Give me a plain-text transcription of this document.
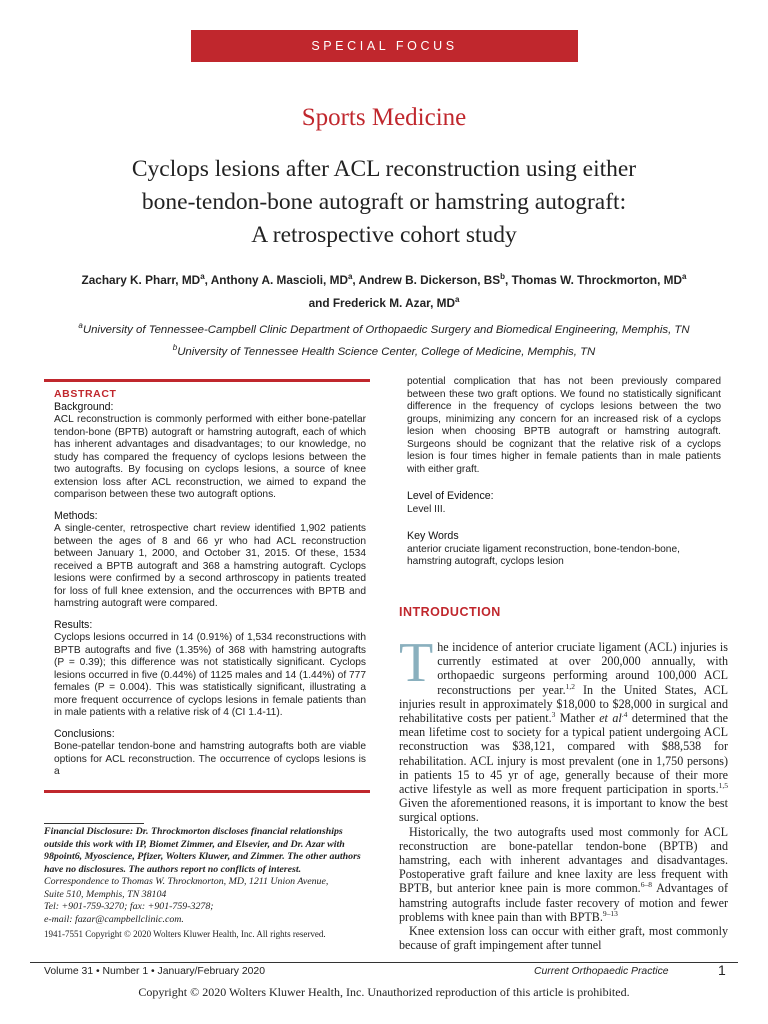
SPECIAL FOCUS
Sports Medicine
Cyclops lesions after ACL reconstruction using either
bone-tendon-bone autograft or hamstring autograft:
A retrospective cohort study
Zachary K. Pharr, $MD^a$, Anthony A. Mascioli, $MD^a$, Andrew B. Dickerson, $BS^b$, Thomas W. Throckmorton, $MD^a$
and Frederick M. Azar, $MD^a$
$^a$University of Tennessee-Campbell Clinic Department of Orthopaedic Surgery and Biomedical Engineering, Memphis, TN
$^b$University of Tennessee Health Science Center, College of Medicine, Memphis, TN
ABSTRACT
Background:

ACL reconstruction is commonly performed with either bone-patellar tendon-bone (BPTB) autograft or hamstring autograft, each of which has inherent advantages and disadvantages; to our knowledge, no study has compared the frequency of cyclops lesions between the two autografts. By focusing on cyclops lesions, a source of knee extension loss after ACL reconstruction, we aimed to expand the comparison between these two autograft options.

Methods:

A single-center, retrospective chart review identified 1,902 patients between the ages of 8 and 66 yr who had ACL reconstruction between January 1, 2000, and October 31, 2015. Of these, 1534 received a BPTB autograft and 368 a hamstring autograft. Cyclops lesions were confirmed by a second arthroscopy in patients treated for loss of full knee extension, and the occurrences with BPTB and hamstring autograft were compared.

Results:

Cyclops lesions occurred in 14 (0.91%) of 1,534 reconstructions with BPTB autografts and five (1.35%) of 368 with hamstring autografts (P = 0.39); this difference was not statistically significant. Cyclops lesions occurred in five (0.44%) of 1125 males and 14 (1.44%) of 777 females (P = 0.004). This was statistically significant, illustrating a more frequent occurrence of cyclops lesions in female patients than in male patients with a relative risk of 4 (CI 1.4-11).

Conclusions:

Bone-patellar tendon-bone and hamstring autografts both are viable options for ACL reconstruction. The occurrence of cyclops lesions is a

potential complication that has not been previously compared between these two graft options. We found no statistically significant difference in the frequency of cyclops lesions between the two groups, minimizing any concern for an increased risk of a cyclops lesion when choosing BPTB autograft or hamstring autograft. Surgeons should be cognizant that the relative risk of a cyclops lesion is four times higher in female patients than in male patients with either graft.

Level of Evidence:

Level III.

Key Words

anterior cruciate ligament reconstruction, bone-tendon-bone, hamstring autograft, cyclops lesion

INTRODUCTION

The incidence of anterior cruciate ligament (ACL) injuries is currently estimated at over 200,000 annually, with orthopaedic surgeons performing around 100,000 ACL reconstructions per year.$^{1,2}$ In the United States, ACL injuries result in approximately $18,000 to $28,000 in surgical and rehabilitative costs per patient.$^3$ Mather et $al^{.4}$ determined that the mean lifetime cost to society for a typical patient undergoing ACL reconstruction was $38,121, compared with $88,538 for rehabilitation. ACL injury is most prevalent (one in 1,750 persons) in patients 15 to 45 yr of age, generally because of their more active lifestyle as well as more frequent participation in sports.$^{1,5}$ Given the aforementioned reasons, it is important to know the best surgical options.

Historically, the two autografts used most commonly for ACL reconstruction are bone-patellar tendon-bone (BPTB) and hamstring, each with inherent advantages and disadvantages. Postoperative graft failure and knee laxity are less frequent with BPTB, but anterior knee pain is more common.$^{6-8}$ Advantages of hamstring autografts include faster recovery of motion and fewer problems with knee pain than with BPTB.$^{9-13}$

Knee extension loss can occur with either graft, most commonly because of graft impingement after tunnel

Financial Disclosure: Dr. Throckmorton discloses financial relationships outside this work with IP, Biomet Zimmer, and Elsevier, and Dr. Azar with 98point6, Myoscience, Pfizer, Wolters Kluwer, and Zimmer. The other authors have no disclosures. The authors report no conflicts of interest.
Correspondence to Thomas W. Throckmorton, MD, 1211 Union Avenue,
Suite 510, Memphis, TN 38104
Tel: +901-759-3270; fax: +901-759-3278;
e-mail: fazar@campbellclinic.com.
1941-7551 Copyright © 2020 Wolters Kluwer Health, Inc. All rights reserved.
Volume 31 • Number 1 • January/February 2020	Current Orthopaedic Practice	1
Copyright © 2020 Wolters Kluwer Health, Inc. Unauthorized reproduction of this article is prohibited.
